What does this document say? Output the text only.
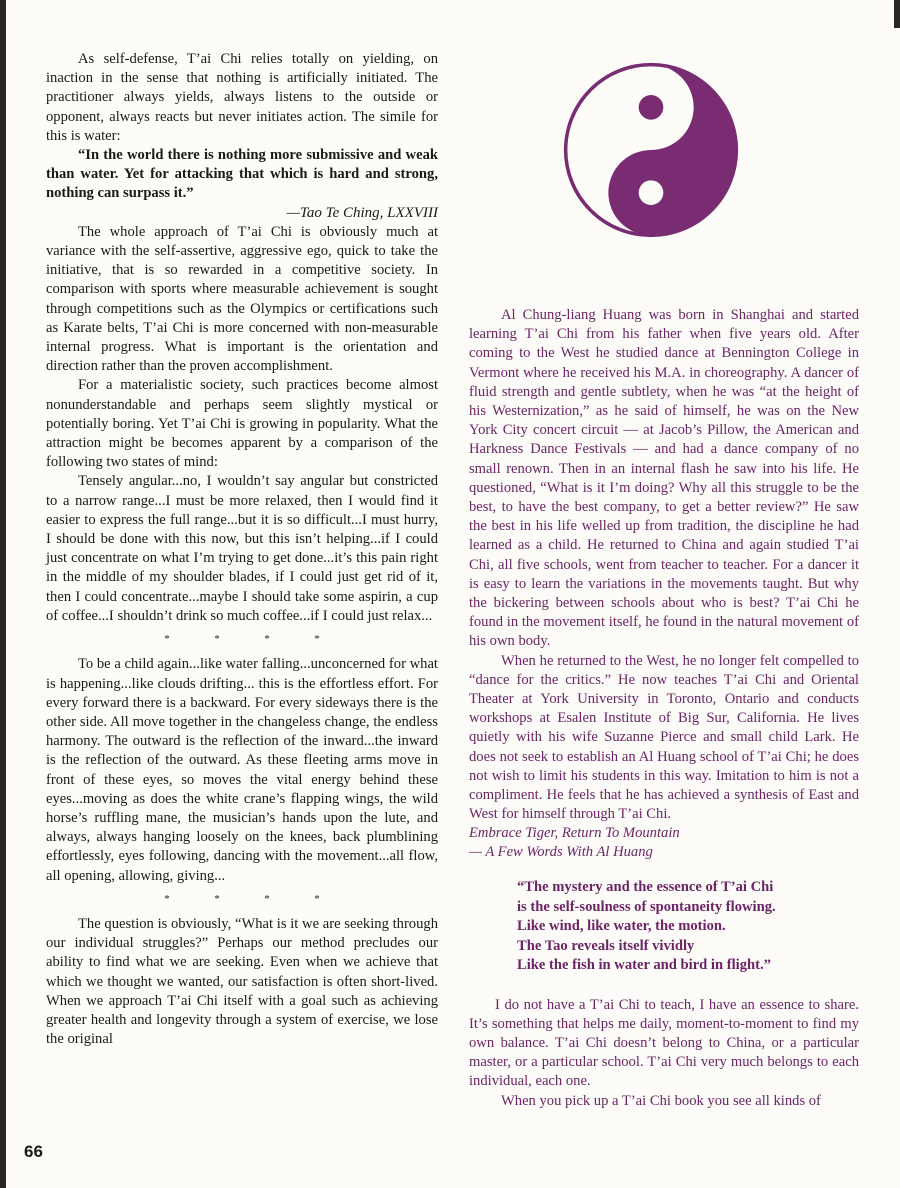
As self-defense, T’ai Chi relies totally on yielding, on inaction in the sense that nothing is artificially initiated. The practitioner always yields, always listens to the outside or opponent, always reacts but never initiates action. The simile for this is water:

“In the world there is nothing more submissive and weak than water. Yet for attacking that which is hard and strong, nothing can surpass it.”

—Tao Te Ching, LXXVIII

The whole approach of T’ai Chi is obviously much at variance with the self-assertive, aggressive ego, quick to take the initiative, that is so rewarded in a competitive society. In comparison with sports where measurable achievement is sought through competitions such as the Olympics or certifications such as Karate belts, T’ai Chi is more concerned with non-measurable internal progress. What is important is the orientation and direction rather than the proven accomplishment.

For a materialistic society, such practices become almost nonunderstandable and perhaps seem slightly mystical or potentially boring. Yet T’ai Chi is growing in popularity. What the attraction might be becomes apparent by a comparison of the following two states of mind:

Tensely angular...no, I wouldn’t say angular but constricted to a narrow range...I must be more relaxed, then I would find it easier to express the full range...but it is so difficult...I must hurry, I should be done with this now, but this isn’t helping...if I could just concentrate on what I’m trying to get done...it’s this pain right in the middle of my shoulder blades, if I could just get rid of it, then I could concentrate...maybe I should take some aspirin, a cup of coffee...I shouldn’t drink so much coffee...if I could just relax...

*	*	*	*

To be a child again...like water falling...unconcerned for what is happening...like clouds drifting... this is the effortless effort. For every forward there is a backward. For every sideways there is the other side. All move together in the changeless change, the endless harmony. The outward is the reflection of the inward...the inward is the reflection of the outward. As these fleeting arms move in front of these eyes, so moves the vital energy behind these eyes...moving as does the white crane’s flapping wings, the wild horse’s ruffling mane, the musician’s hands upon the lute, and always, always hanging loosely on the knees, back plumblining effortlessly, eyes following, dancing with the movement...all flow, all opening, allowing, giving...

*	*	*	*

The question is obviously, “What is it we are seeking through our individual struggles?” Perhaps our method precludes our ability to find what we are seeking. Even when we achieve that which we thought we wanted, our satisfaction is often short-lived. When we approach T’ai Chi itself with a goal such as achieving greater health and longevity through a system of exercise, we lose the original

Al Chung-liang Huang was born in Shanghai and started learning T’ai Chi from his father when five years old. After coming to the West he studied dance at Bennington College in Vermont where he received his M.A. in choreography. A dancer of fluid strength and gentle subtlety, when he was “at the height of his Westernization,” as he said of himself, he was on the New York City concert circuit — at Jacob’s Pillow, the American and Harkness Dance Festivals — and had a dance company of no small renown. Then in an internal flash he saw into his life. He questioned, “What is it I’m doing? Why all this struggle to be the best, to have the best company, to get a better review?” He saw the best in his life welled up from tradition, the discipline he had learned as a child. He returned to China and again studied T’ai Chi, all five schools, went from teacher to teacher. For a dancer it is easy to learn the variations in the movements taught. But why the bickering between schools about who is best? T’ai Chi he found in the movement itself, he found in the natural movement of his own body.

When he returned to the West, he no longer felt compelled to “dance for the critics.” He now teaches T’ai Chi and Oriental Theater at York University in Toronto, Ontario and conducts workshops at Esalen Institute of Big Sur, California. He lives quietly with his wife Suzanne Pierce and small child Lark. He does not seek to establish an Al Huang school of T’ai Chi; he does not wish to limit his students in this way. Imitation to him is not a compliment. He feels that he has achieved a synthesis of East and West for himself through T’ai Chi.

Embrace Tiger, Return To Mountain
— A Few Words With Al Huang

“The mystery and the essence of T’ai Chi
is the self-soulness of spontaneity flowing.
Like wind, like water, the motion.
The Tao reveals itself vividly
Like the fish in water and bird in flight.”

I do not have a T’ai Chi to teach, I have an essence to share. It’s something that helps me daily, moment-to-moment to find my own balance. T’ai Chi doesn’t belong to China, or a particular master, or a particular school. T’ai Chi very much belongs to each individual, each one.

When you pick up a T’ai Chi book you see all kinds of

66
